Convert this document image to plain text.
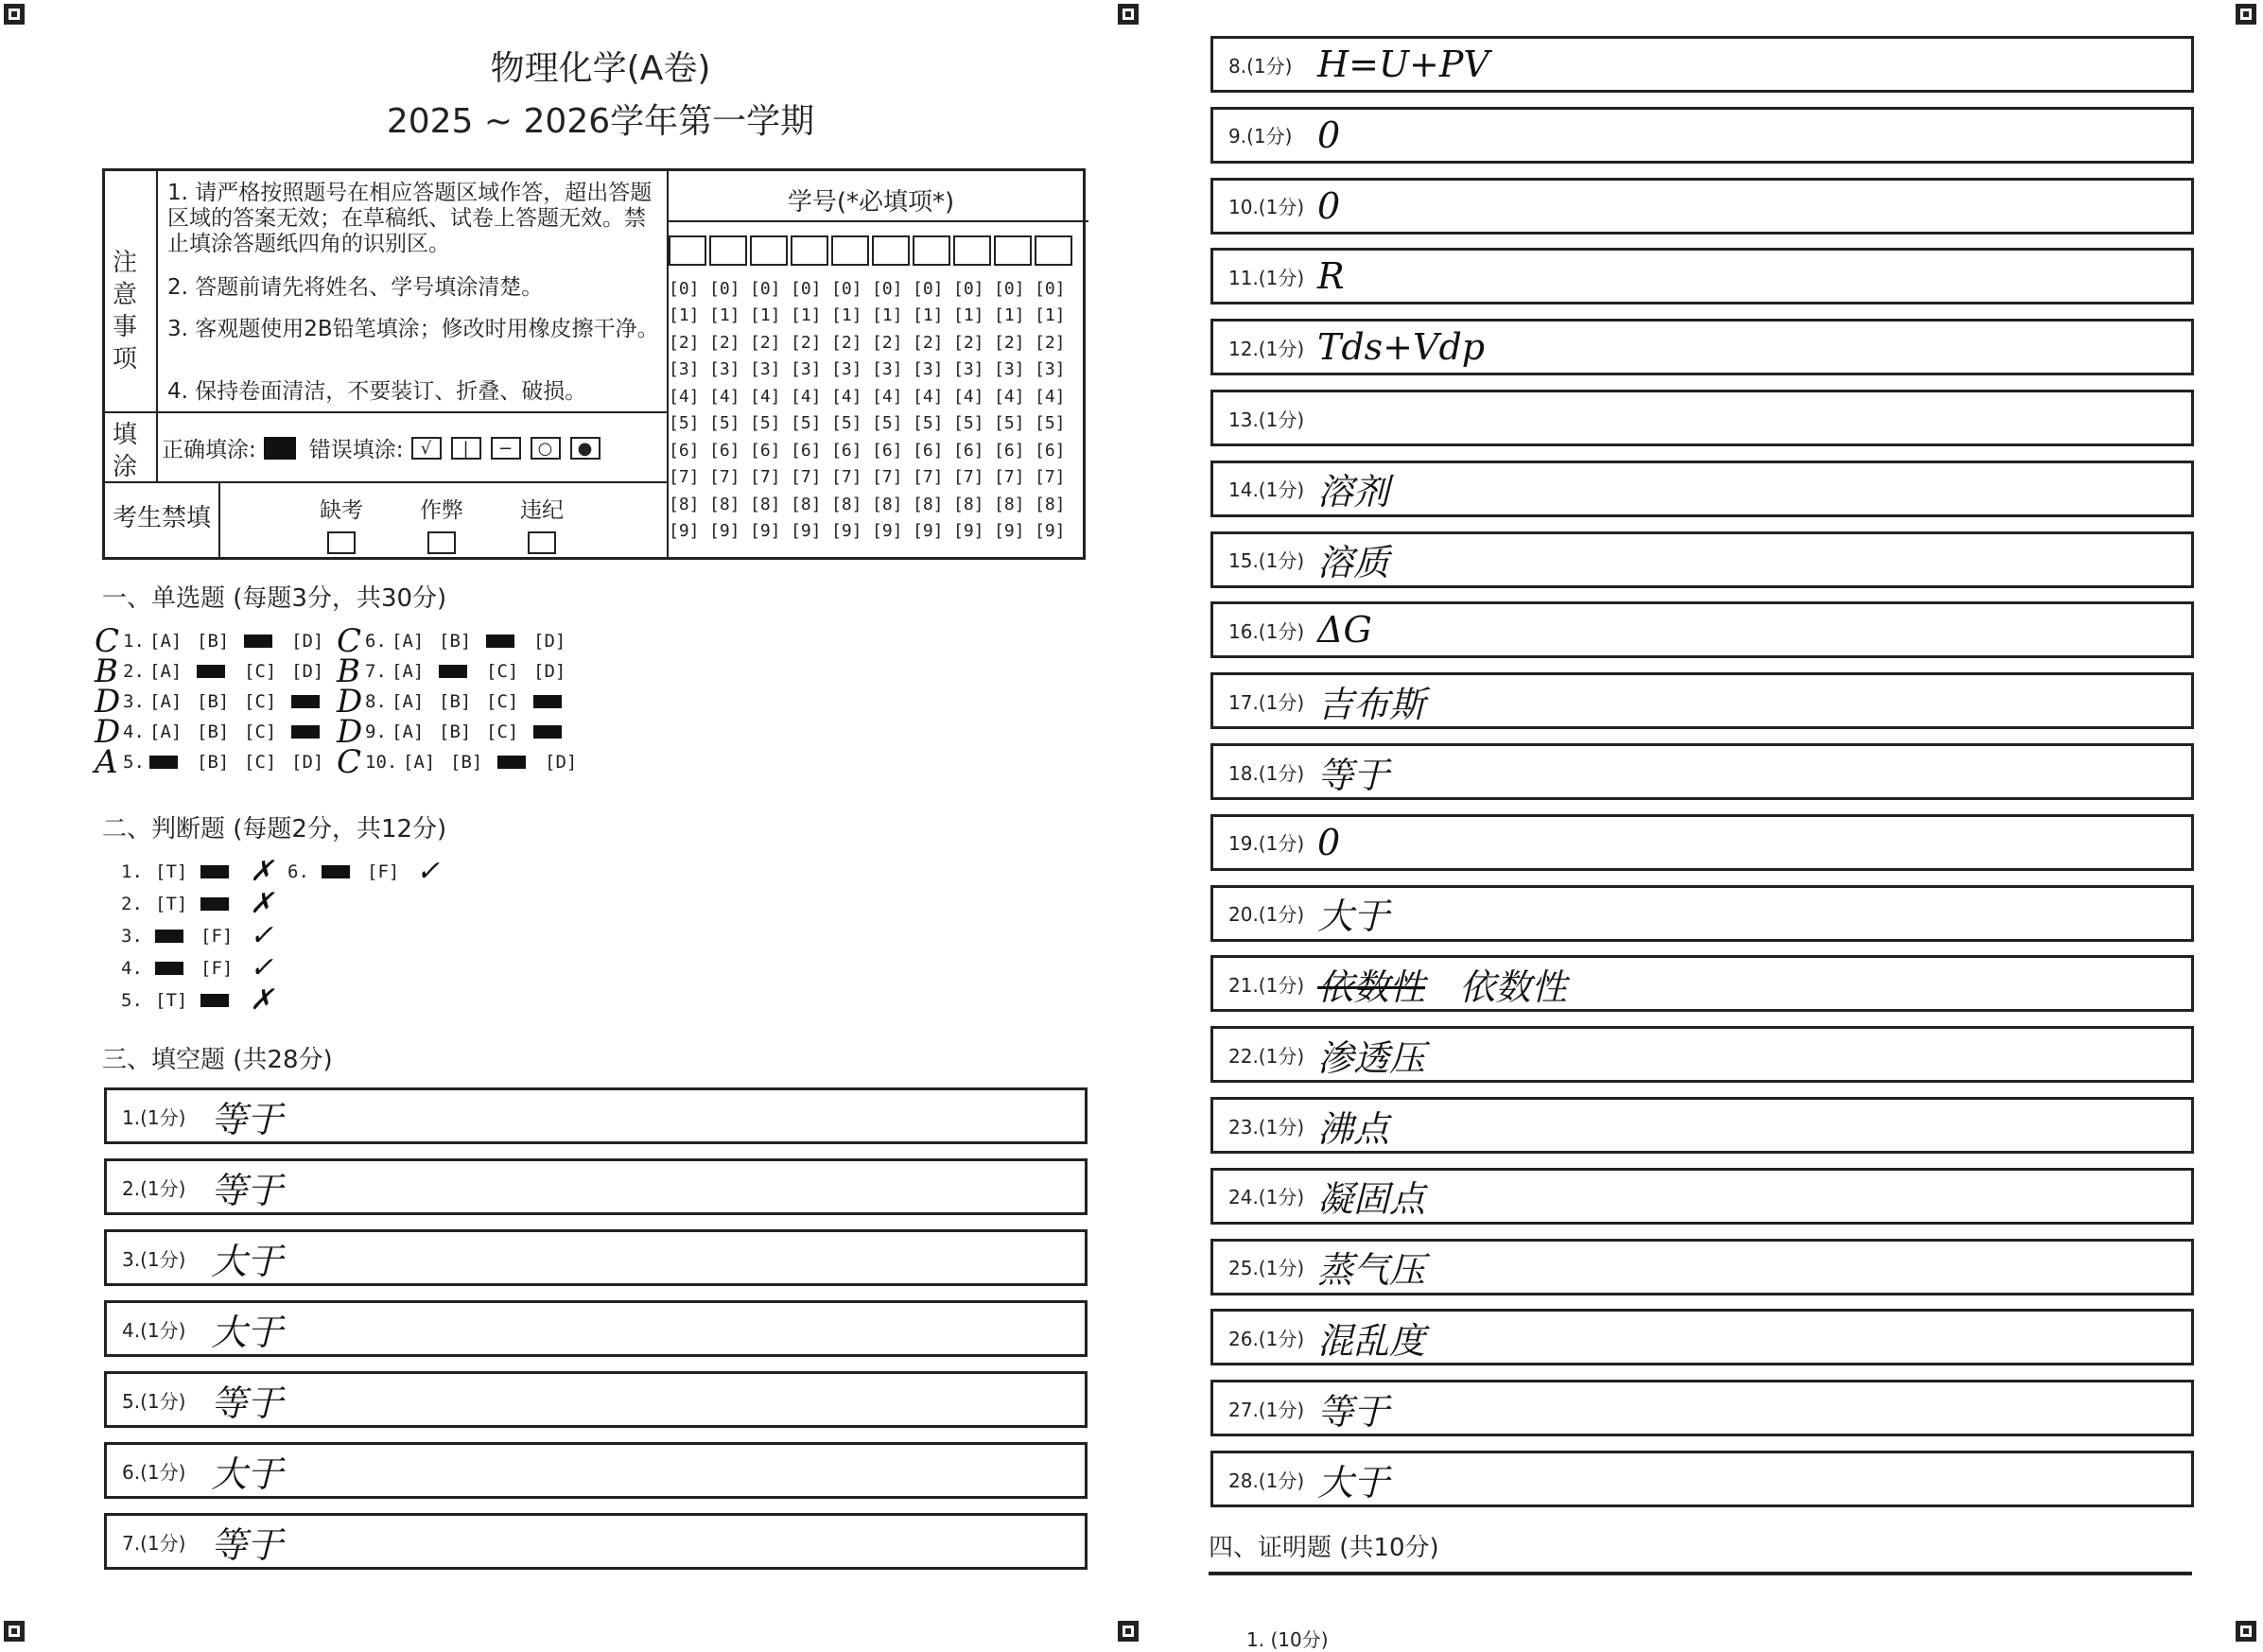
物理化学(A卷)
2025 ~ 2026学年第一学期
注意事项
1. 请严格按照题号在相应答题区域作答，超出答题区域的答案无效；在草稿纸、试卷上答题无效。禁止填涂答题纸四角的识别区。
2. 答题前请先将姓名、学号填涂清楚。
3. 客观题使用2B铅笔填涂；修改时用橡皮擦干净。
4. 保持卷面清洁，不要装订、折叠、破损。
填涂
正确填涂: 错误填涂:	√	|	−	○	●
考生禁填	缺考	作弊	违纪
学号(*必填项*)
[0] [0] [0] [0] [0] [0] [0] [0] [0] [0]
[1] [1] [1] [1] [1] [1] [1] [1] [1] [1]
[2] [2] [2] [2] [2] [2] [2] [2] [2] [2]
[3] [3] [3] [3] [3] [3] [3] [3] [3] [3]
[4] [4] [4] [4] [4] [4] [4] [4] [4] [4]
[5] [5] [5] [5] [5] [5] [5] [5] [5] [5]
[6] [6] [6] [6] [6] [6] [6] [6] [6] [6]
[7] [7] [7] [7] [7] [7] [7] [7] [7] [7]
[8] [8] [8] [8] [8] [8] [8] [8] [8] [8]
[9] [9] [9] [9] [9] [9] [9] [9] [9] [9]
一、单选题 (每题3分，共30分)
C 1. [A] [B]	[D]
B 2. [A]	[C] [D]
D 3. [A] [B] [C]
D 4. [A] [B] [C]
A 5.	[B] [C] [D]
C 6. [A] [B]	[D]
B 7. [A]	[C] [D]
D 8. [A] [B] [C]
D 9. [A] [B] [C]
C 10. [A] [B]	[D]
二、判断题 (每题2分，共12分)
1. [T]	✗
2. [T]	✗
3.	[F] ✓
4.	[F] ✓
5. [T]	✗
6.	[F] ✓
三、填空题 (共28分)
1.(1分) 等于
2.(1分) 等于
3.(1分) 大于
4.(1分) 大于
5.(1分) 等于
6.(1分) 大于
7.(1分) 等于
8.(1分) H=U+PV
9.(1分) 0
10.(1分) 0
11.(1分) R
12.(1分) Tds+Vdp
13.(1分)
14.(1分) 溶剂
15.(1分) 溶质
16.(1分) ΔG
17.(1分) 吉布斯
18.(1分) 等于
19.(1分) 0
20.(1分) 大于
21.(1分) 依数性 依数性
22.(1分) 渗透压
23.(1分) 沸点
24.(1分) 凝固点
25.(1分) 蒸气压
26.(1分) 混乱度
27.(1分) 等于
28.(1分) 大于
四、证明题 (共10分)
1. (10分)
